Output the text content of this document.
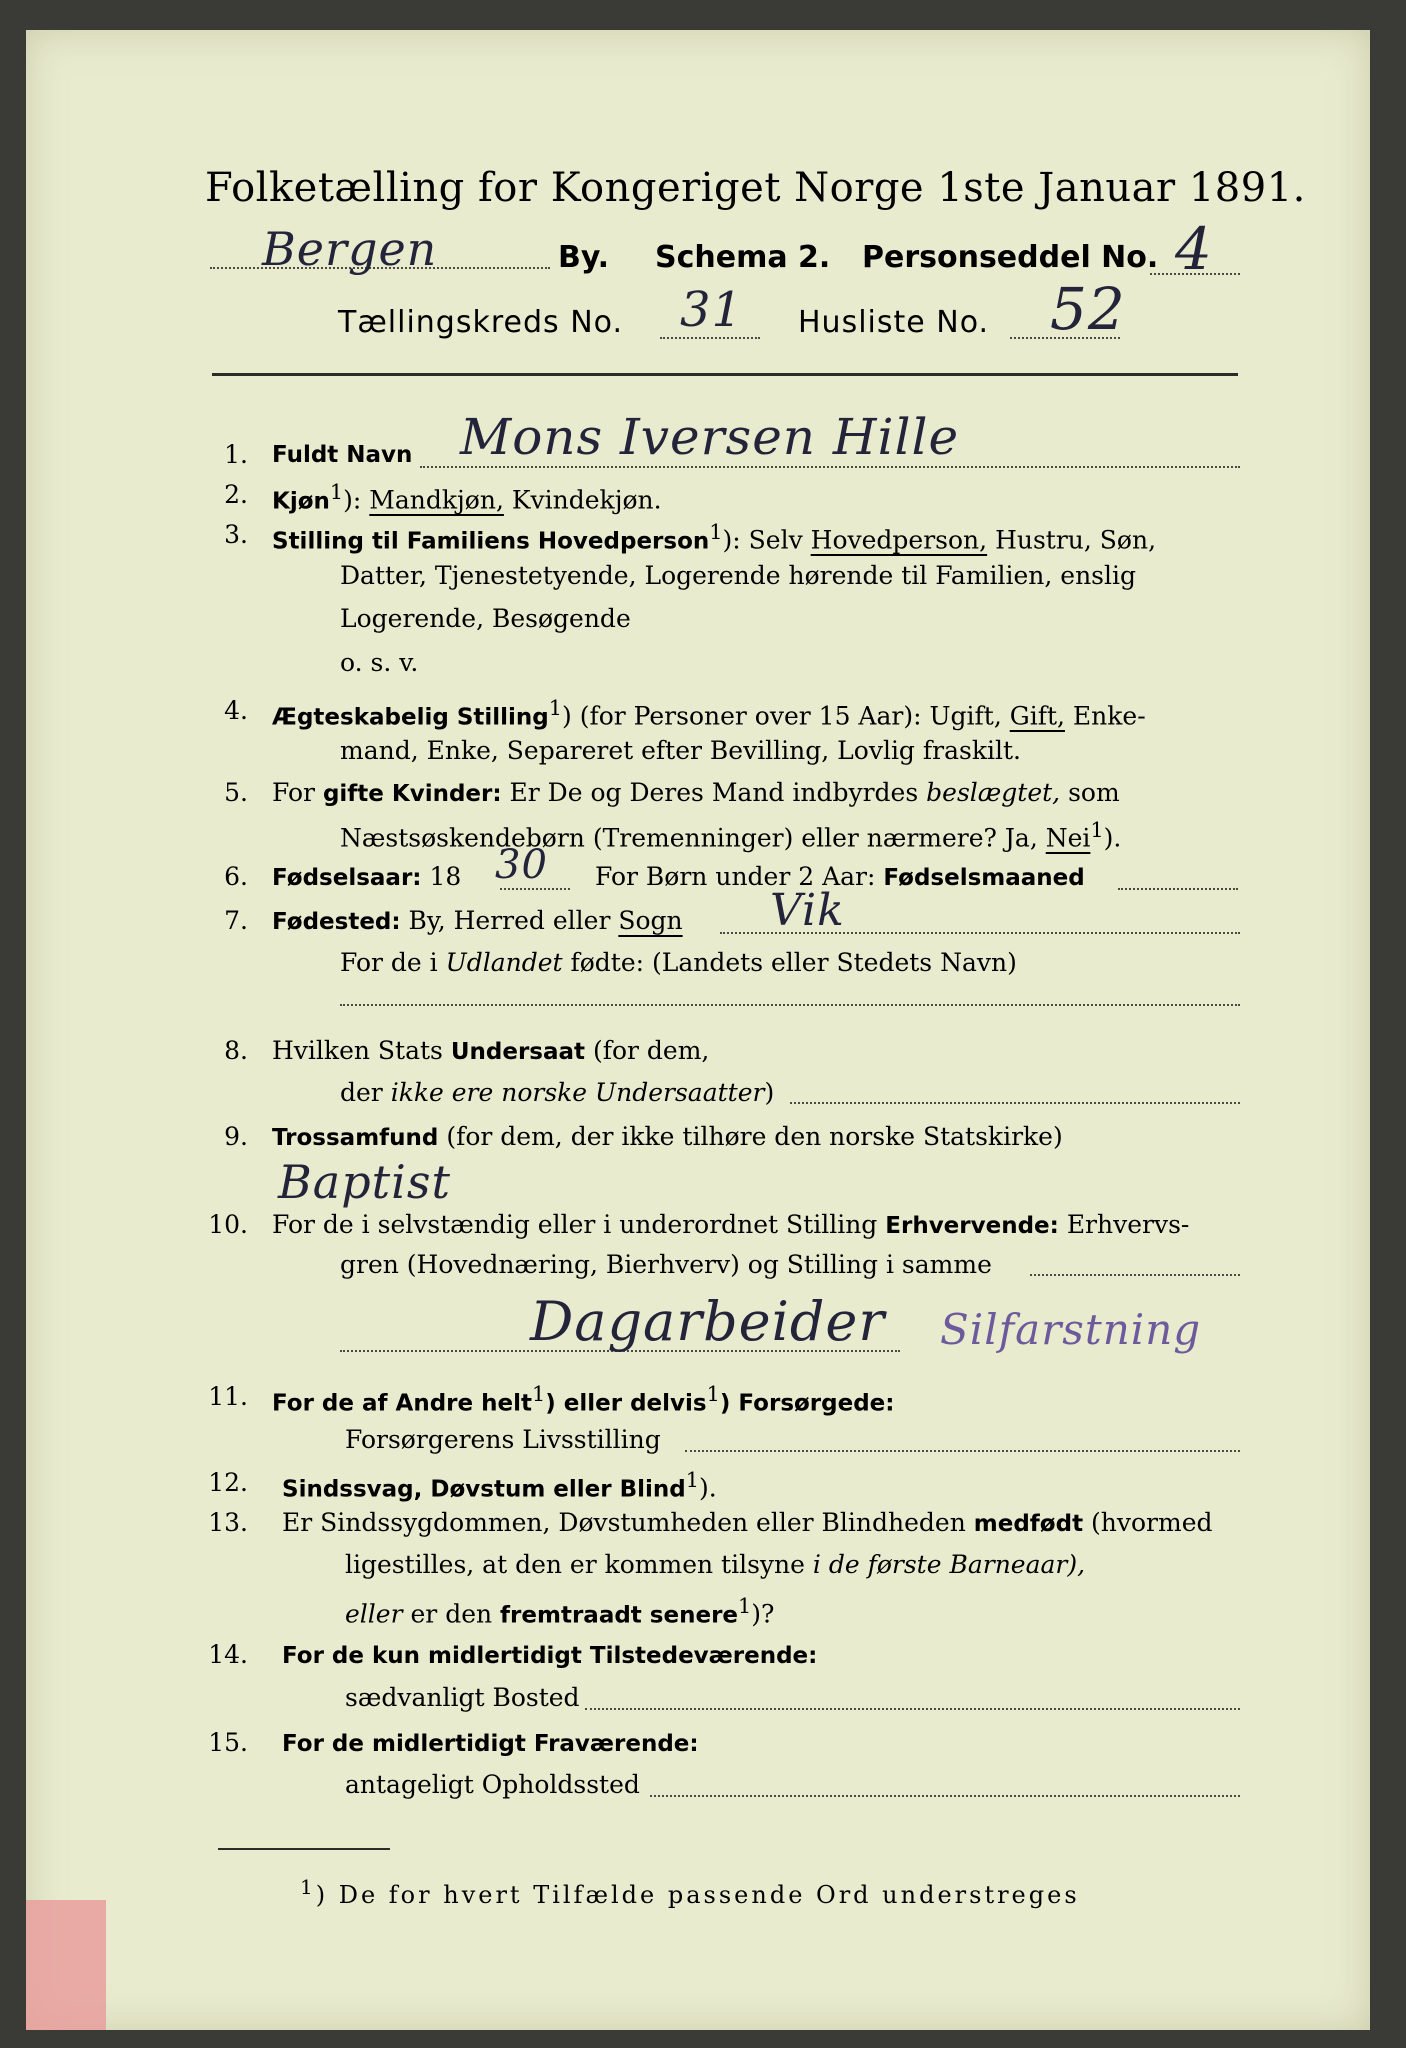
Folketælling for Kongeriget Norge 1ste Januar 1891.
Bergen	By. Schema 2. Personseddel No. 4
Tællingskreds No. 31 Husliste No. 52
1. Fuldt Navn Mons Iversen Hille
2. Kjøn$^1$): Mandkjøn, Kvindekjøn.
3. Stilling til Familiens Hovedperson$^1$): Selv Hovedperson, Hustru, Søn,
Datter, Tjenestetyende, Logerende hørende til Familien, enslig
Logerende, Besøgende
o. s. v.
4. Ægteskabelig Stilling$^1$) (for Personer over 15 Aar): Ugift, Gift, Enke-
mand, Enke, Separeret efter Bevilling, Lovlig fraskilt.
5. For gifte Kvinder: Er De og Deres Mand indbyrdes beslægtet, som
Næstsøskendebørn (Tremenninger) eller nærmere? Ja, Nei$^1$).
6. Fødselsaar: 18 30 For Børn under 2 Aar: Fødselsmaaned
7. Fødested: By, Herred eller Sogn Vik
For de i Udlandet fødte: (Landets eller Stedets Navn)
8. Hvilken Stats Undersaat (for dem,
der ikke ere norske Undersaatter)
9. Trossamfund (for dem, der ikke tilhøre den norske Statskirke)
Baptist
10. For de i selvstændig eller i underordnet Stilling Erhvervende: Erhvervs-
gren (Hovednæring, Bierhverv) og Stilling i samme
Dagarbeider Silfarstning
11. For de af Andre helt$^1$) eller delvis$^1$) Forsørgede:
Forsørgerens Livsstilling
12. Sindssvag, Døvstum eller Blind$^1$).
13. Er Sindssygdommen, Døvstumheden eller Blindheden medfødt (hvormed
ligestilles, at den er kommen tilsyne i de første Barneaar),
eller er den fremtraadt senere$^1$)?
14. For de kun midlertidigt Tilstedeværende:
sædvanligt Bosted
15. For de midlertidigt Fraværende:
antageligt Opholdssted
$^1$) De for hvert Tilfælde passende Ord understreges
